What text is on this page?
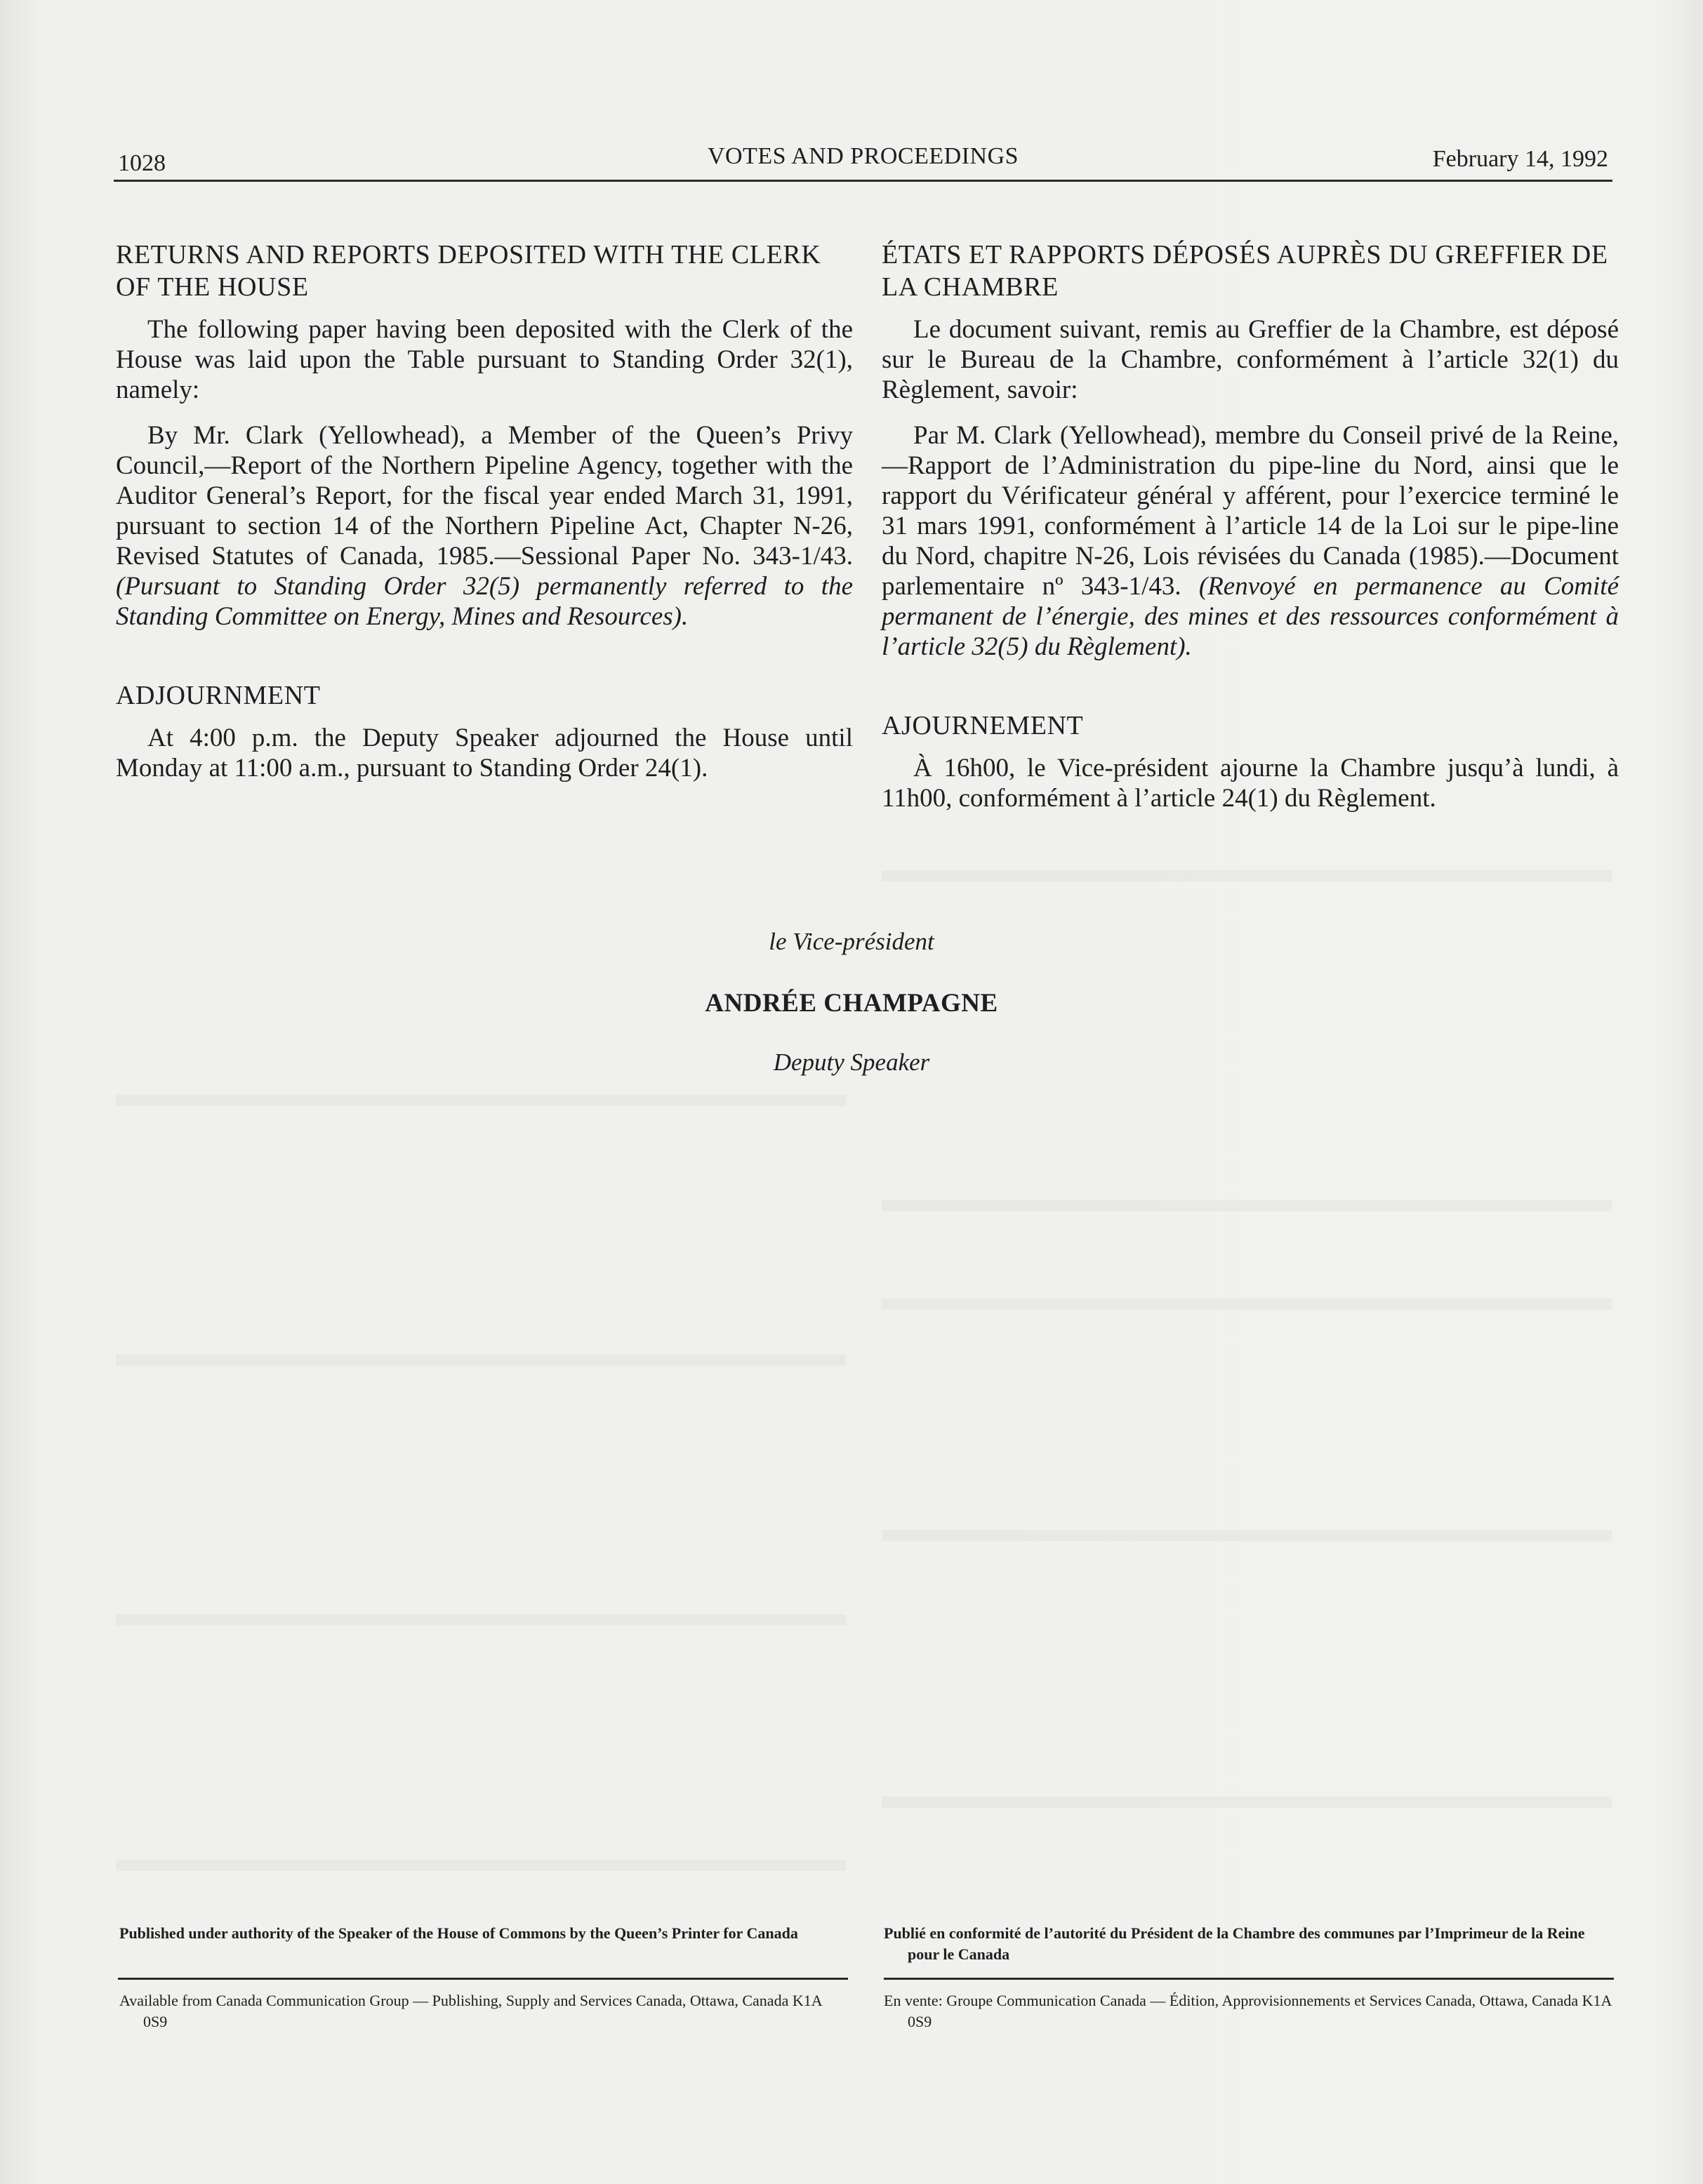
1028	VOTES AND PROCEEDINGS	February 14, 1992
RETURNS AND REPORTS DEPOSITED WITH THE CLERK OF THE HOUSE

The following paper having been deposited with the Clerk of the House was laid upon the Table pursuant to Standing Order 32(1), namely:

By Mr. Clark (Yellowhead), a Member of the Queen’s Privy Council,—Report of the Northern Pipeline Agency, together with the Auditor General’s Report, for the fiscal year ended March 31, 1991, pursuant to section 14 of the Northern Pipeline Act, Chapter N-26, Revised Statutes of Canada, 1985.—Sessional Paper No. 343-1/43. (Pursuant to Standing Order 32(5) permanently referred to the Standing Committee on Energy, Mines and Resources).

ADJOURNMENT

At 4:00 p.m. the Deputy Speaker adjourned the House until Monday at 11:00 a.m., pursuant to Standing Order 24(1).

ÉTATS ET RAPPORTS DÉPOSÉS AUPRÈS DU GREFFIER DE LA CHAMBRE

Le document suivant, remis au Greffier de la Chambre, est déposé sur le Bureau de la Chambre, conformément à l’article 32(1) du Règlement, savoir:

Par M. Clark (Yellowhead), membre du Conseil privé de la Reine,—Rapport de l’Administration du pipe-line du Nord, ainsi que le rapport du Vérificateur général y afférent, pour l’exercice terminé le 31 mars 1991, conformément à l’article 14 de la Loi sur le pipe-line du Nord, chapitre N-26, Lois révisées du Canada (1985).—Document parlementaire nº 343-1/43. (Renvoyé en permanence au Comité permanent de l’énergie, des mines et des ressources conformément à l’article 32(5) du Règlement).

AJOURNEMENT

À 16h00, le Vice-président ajourne la Chambre jusqu’à lundi, à 11h00, conformément à l’article 24(1) du Règlement.

le Vice-président
ANDRÉE CHAMPAGNE
Deputy Speaker
Published under authority of the Speaker of the House of Commons by the Queen’s Printer for Canada	Publié en conformité de l’autorité du Président de la Chambre des communes par l’Imprimeur de la Reine pour le Canada
Available from Canada Communication Group — Publishing, Supply and Services Canada, Ottawa, Canada K1A 0S9
En vente: Groupe Communication Canada — Édition, Approvisionnements et Services Canada, Ottawa, Canada K1A 0S9
